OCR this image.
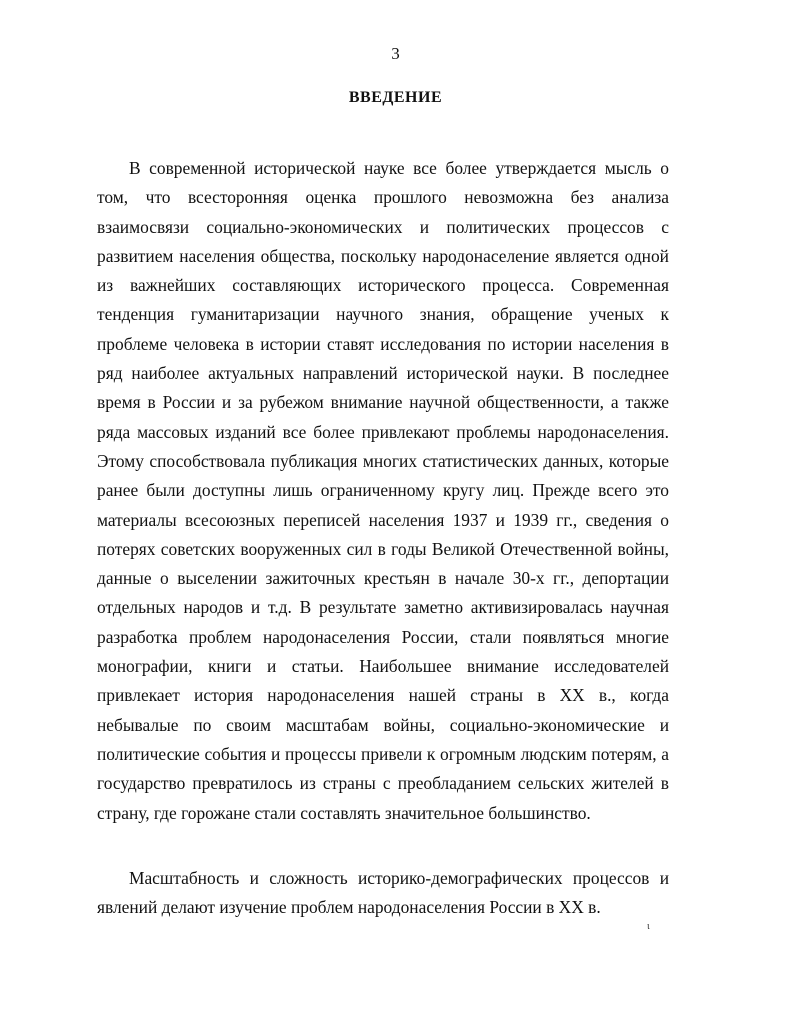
3
ВВЕДЕНИЕ

В современной исторической науке все более утверждается мысль о том, что всесторонняя оценка прошлого невозможна без анализа взаимосвязи социально-экономических и политических процессов с развитием населения общества, поскольку народонаселение является одной из важнейших составляющих исторического процесса. Современная тенденция гуманитаризации научного знания, обращение ученых к проблеме человека в истории ставят исследования по истории населения в ряд наиболее актуальных направлений исторической науки. В последнее время в России и за рубежом внимание научной общественности, а также ряда массовых изданий все более привлекают проблемы народонаселения. Этому способствовала публикация многих статистических данных, которые ранее были доступны лишь ограниченному кругу лиц. Прежде всего это материалы всесоюзных переписей населения 1937 и 1939 гг., сведения о потерях советских вооруженных сил в годы Великой Отечественной войны, данные о выселении зажиточных крестьян в начале 30-х гг., депортации отдельных народов и т.д. В результате заметно активизировалась научная разработка проблем народонаселения России, стали появляться многие монографии, книги и статьи. Наибольшее внимание исследователей привлекает история народонаселения нашей страны в XX в., когда небывалые по своим масштабам войны, социально-экономические и политические события и процессы привели к огромным людским потерям, а государство превратилось из страны с преобладанием сельских жителей в страну, где горожане стали составлять значительное большинство.

Масштабность и сложность историко-демографических процессов и явлений делают изучение проблем народонаселения России в XX в.

ɩ
